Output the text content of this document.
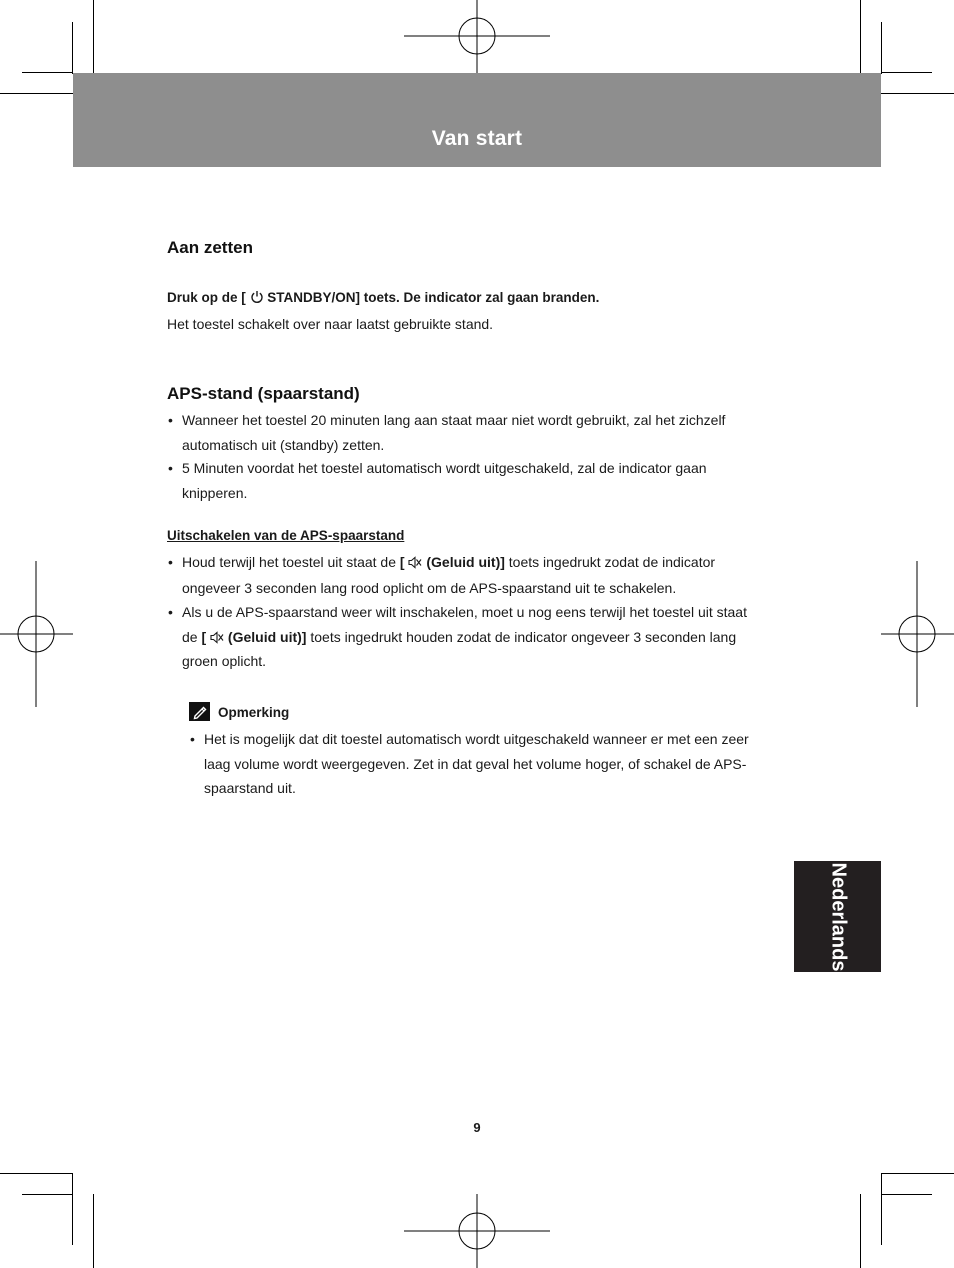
Van start
Aan zetten
Druk op de [ STANDBY/ON] toets. De indicator zal gaan branden.
Het toestel schakelt over naar laatst gebruikte stand.
APS-stand (spaarstand)
• Wanneer het toestel 20 minuten lang aan staat maar niet wordt gebruikt, zal het zichzelf
automatisch uit (standby) zetten.
• 5 Minuten voordat het toestel automatisch wordt uitgeschakeld, zal de indicator gaan
knipperen.
Uitschakelen van de APS-spaarstand
• Houd terwijl het toestel uit staat de [ (Geluid uit)] toets ingedrukt zodat de indicator
ongeveer 3 seconden lang rood oplicht om de APS-spaarstand uit te schakelen.
• Als u de APS-spaarstand weer wilt inschakelen, moet u nog eens terwijl het toestel uit staat
de [ (Geluid uit)] toets ingedrukt houden zodat de indicator ongeveer 3 seconden lang
groen oplicht.
Opmerking
• Het is mogelijk dat dit toestel automatisch wordt uitgeschakeld wanneer er met een zeer
laag volume wordt weergegeven. Zet in dat geval het volume hoger, of schakel de APS-
spaarstand uit.
Nederlands
9
